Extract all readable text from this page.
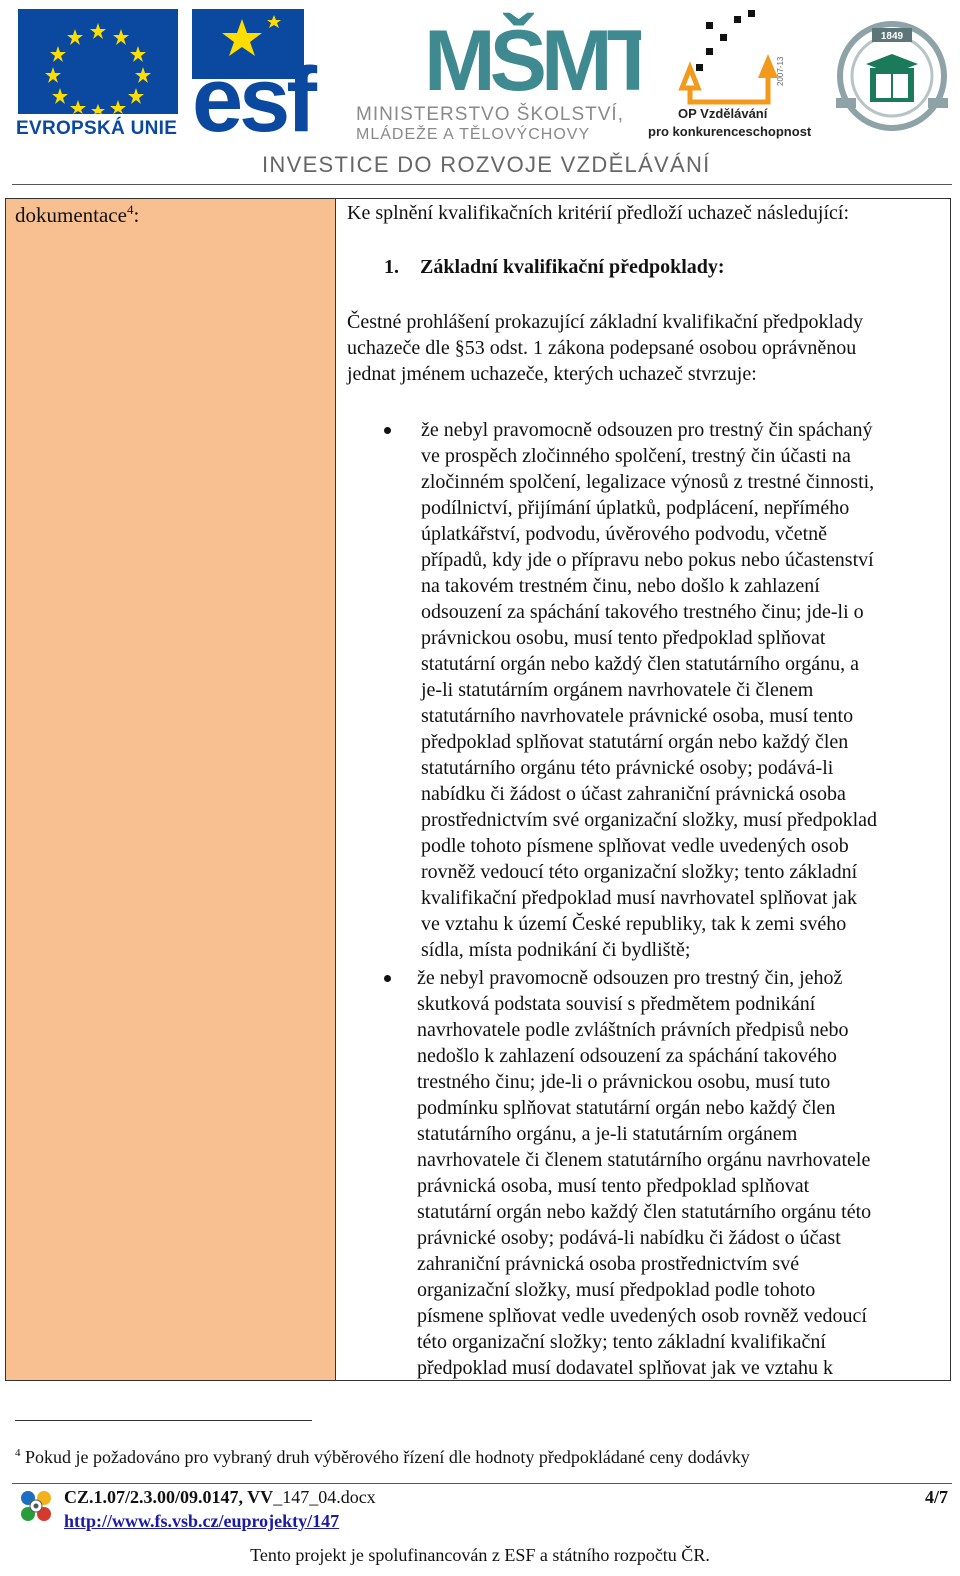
EVROPSKÁ UNIE esf MŠMT
MINISTERSTVO ŠKOLSTVÍ,
MLÁDEŽE A TĚLOVÝCHOVY
2007-13
OP Vzdělávání
pro konkurenceschopnost
1849
INVESTICE DO ROZVOJE VZDĚLÁVÁNÍ
dokumentace$^4$:	Ke splnění kvalifikačních kritérií předloží uchazeč následující:
1. Základní kvalifikační předpoklady:
Čestné prohlášení prokazující základní kvalifikační předpoklady
uchazeče dle §53 odst. 1 zákona podepsané osobou oprávněnou
jednat jménem uchazeče, kterých uchazeč stvrzuje:
že nebyl pravomocně odsouzen pro trestný čin spáchaný
ve prospěch zločinného spolčení, trestný čin účasti na
zločinném spolčení, legalizace výnosů z trestné činnosti,
podílnictví, přijímání úplatků, podplácení, nepřímého
úplatkářství, podvodu, úvěrového podvodu, včetně
případů, kdy jde o přípravu nebo pokus nebo účastenství
na takovém trestném činu, nebo došlo k zahlazení
odsouzení za spáchání takového trestného činu; jde-li o
právnickou osobu, musí tento předpoklad splňovat
statutární orgán nebo každý člen statutárního orgánu, a
je-li statutárním orgánem navrhovatele či členem
statutárního navrhovatele právnické osoba, musí tento
předpoklad splňovat statutární orgán nebo každý člen
statutárního orgánu této právnické osoby; podává-li
nabídku či žádost o účast zahraniční právnická osoba
prostřednictvím své organizační složky, musí předpoklad
podle tohoto písmene splňovat vedle uvedených osob
rovněž vedoucí této organizační složky; tento základní
kvalifikační předpoklad musí navrhovatel splňovat jak
ve vztahu k území České republiky, tak k zemi svého
sídla, místa podnikání či bydliště;
že nebyl pravomocně odsouzen pro trestný čin, jehož
skutková podstata souvisí s předmětem podnikání
navrhovatele podle zvláštních právních předpisů nebo
nedošlo k zahlazení odsouzení za spáchání takového
trestného činu; jde-li o právnickou osobu, musí tuto
podmínku splňovat statutární orgán nebo každý člen
statutárního orgánu, a je-li statutárním orgánem
navrhovatele či členem statutárního orgánu navrhovatele
právnická osoba, musí tento předpoklad splňovat
statutární orgán nebo každý člen statutárního orgánu této
právnické osoby; podává-li nabídku či žádost o účast
zahraniční právnická osoba prostřednictvím své
organizační složky, musí předpoklad podle tohoto
písmene splňovat vedle uvedených osob rovněž vedoucí
této organizační složky; tento základní kvalifikační
předpoklad musí dodavatel splňovat jak ve vztahu k
$^4$ Pokud je požadováno pro vybraný druh výběrového řízení dle hodnoty předpokládané ceny dodávky
CZ.1.07/2.3.00/09.0147, VV_147_04.docx
http://www.fs.vsb.cz/euprojekty/147
4/7
Tento projekt je spolufinancován z ESF a státního rozpočtu ČR.
